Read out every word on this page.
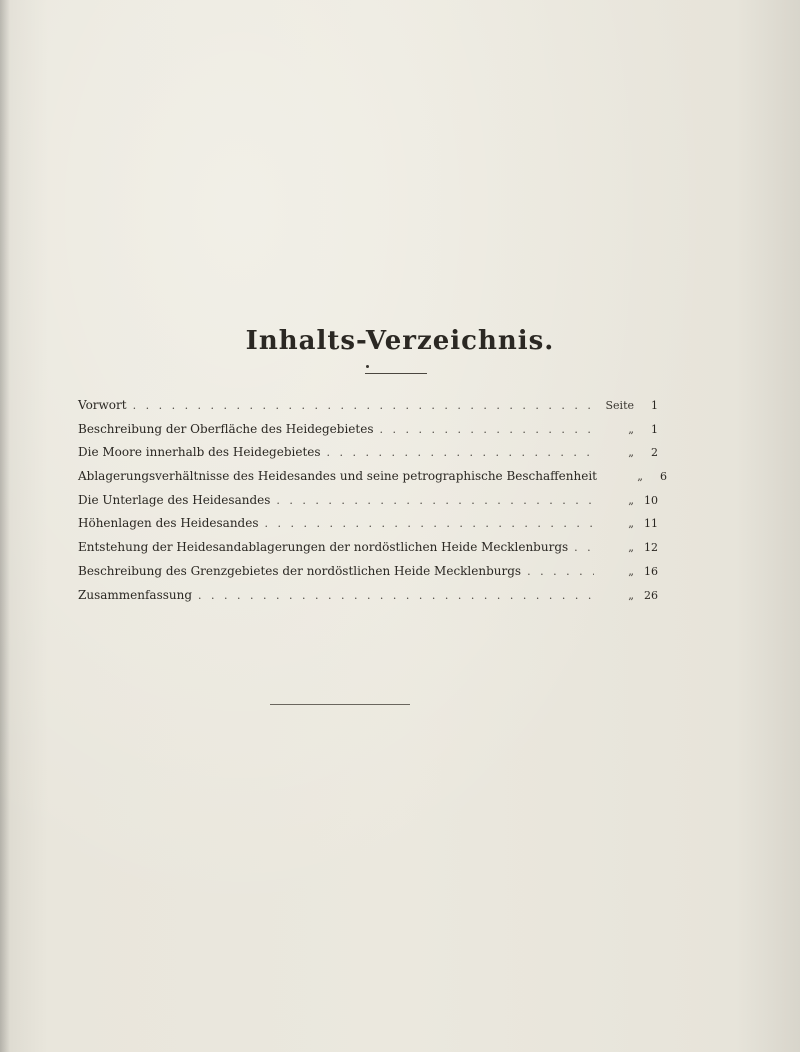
Inhalts-Verzeichnis.
Vorwort . . .	Seite	1
Beschreibung der Oberfläche des Heidegebietes . . .	„	1
Die Moore innerhalb des Heidegebietes . . .	„	2
Ablagerungsverhältnisse des Heidesandes und seine petrographische Beschaffenheit	„	6
Die Unterlage des Heidesandes . . .	„ 10
Höhenlagen des Heidesandes . . .	„ 11
Entstehung der Heidesandablagerungen der nordöstlichen Heide Mecklenburgs . . .	„ 12
Beschreibung des Grenzgebietes der nordöstlichen Heide Mecklenburgs . . .	„ 16
Zusammenfassung . . .	„ 26
